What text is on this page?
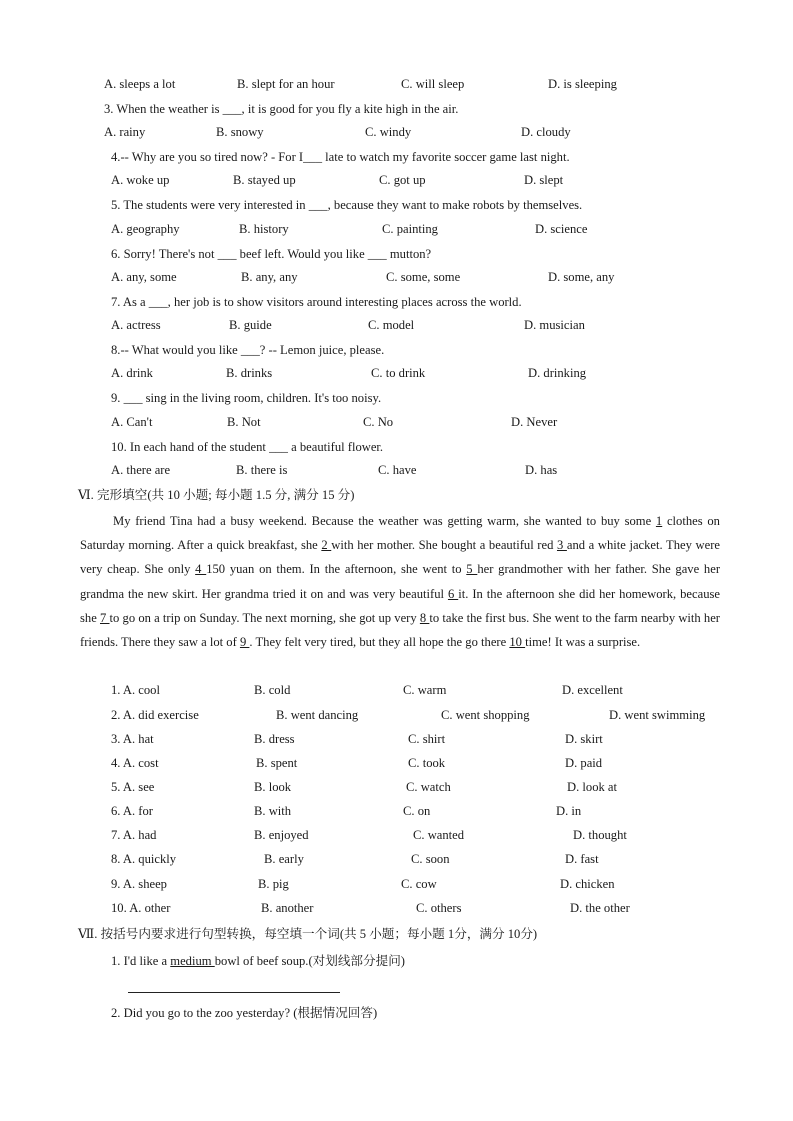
A. sleeps a lot	B. slept for an hour	C. will sleep	D. is sleeping
3. When the weather is ___, it is good for you fly a kite high in the air.
A. rainy	B. snowy	C. windy	D. cloudy
4.-- Why are you so tired now? - For I___ late to watch my favorite soccer game last night.
A. woke up	B. stayed up	C. got up	D. slept
5. The students were very interested in ___, because they want to make robots by themselves.
A. geography	B. history	C. painting	D. science
6. Sorry! There's not ___ beef left. Would you like ___ mutton?
A. any, some	B. any, any	C. some, some	D. some, any
7. As a ___, her job is to show visitors around interesting places across the world.
A. actress	B. guide	C. model	D. musician
8.-- What would you like ___? -- Lemon juice, please.
A. drink	B. drinks	C. to drink	D. drinking
9. ___ sing in the living room, children. It's too noisy.
A. Can't	B. Not	C. No	D. Never
10. In each hand of the student ___ a beautiful flower.
A. there are	B. there is	C. have	D. has
Ⅵ. 完形填空(共 10 小题; 每小题 1.5 分, 满分 15 分)
My friend Tina had a busy weekend. Because the weather was getting warm, she wanted to buy some 1 clothes on Saturday morning. After a quick breakfast, she 2 with her mother. She bought a beautiful red 3 and a white jacket. They were very cheap. She only 4 150 yuan on them. In the afternoon, she went to 5 her grandmother with her father. She gave her grandma the new skirt. Her grandma tried it on and was very beautiful 6 it. In the afternoon she did her homework, because she 7 to go on a trip on Sunday. The next morning, she got up very 8 to take the first bus. She went to the farm nearby with her friends. There they saw a lot of 9 . They felt very tired, but they all hope the go there 10 time! It was a surprise.
1. A. cool	B. cold	C. warm	D. excellent
2. A. did exercise	B. went dancing	C. went shopping	D. went swimming
3. A. hat	B. dress	C. shirt	D. skirt
4. A. cost	B. spent	C. took	D. paid
5. A. see	B. look	C. watch	D. look at
6. A. for	B. with	C. on	D. in
7. A. had	B. enjoyed	C. wanted	D. thought
8. A. quickly	B. early	C. soon	D. fast
9. A. sheep	B. pig	C. cow	D. chicken
10. A. other	B. another	C. others	D. the other
Ⅶ. 按括号内要求进行句型转换，每空填一个词(共 5 小题；每小题 1分，满分 10分)
1. I'd like a medium bowl of beef soup.(对划线部分提问)
2. Did you go to the zoo yesterday? (根据情况回答)
